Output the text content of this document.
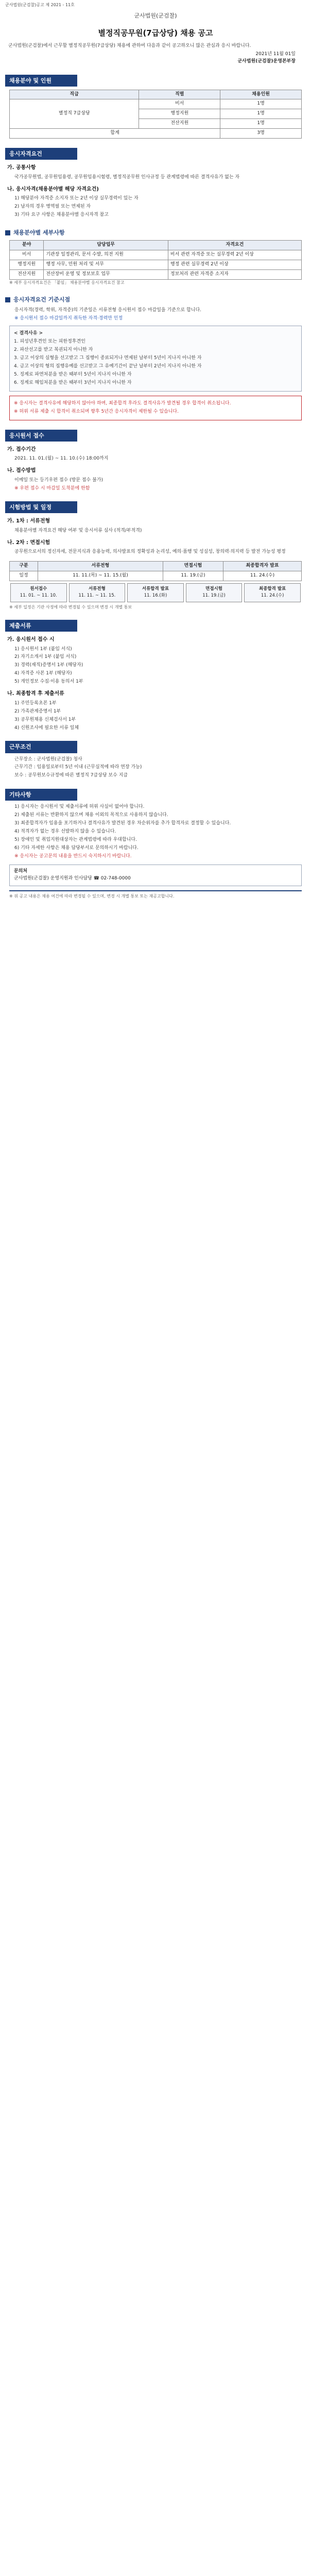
군사법원(군검찰)공고 제 2021 - 11호
군사법원(군검찰)
별정직공무원(7급상당) 채용 공고
군사법원(군검찰)에서 근무할 별정직공무원(7급상당) 채용에 관하여 다음과 같이 공고하오니 많은 관심과 응시 바랍니다.
2021년 11월 01일
군사법원(군검찰)운영본부장
채용분야 및 인원
직급	직렬	채용인원
별정직 7급상당	비서	1명
	행정지원	1명
	전산지원	1명
합계		3명
응시자격요건
가. 공통사항
국가공무원법, 공무원임용령, 공무원임용시험령, 별정직공무원 인사규정 등 관계법령에 따른 결격사유가 없는 자
나. 응시자격(채용분야별 해당 자격요건)
1) 해당분야 자격증 소지자 또는 2년 이상 실무경력이 있는 자
2) 남자의 경우 병역필 또는 면제된 자
3) 기타 요구 사항은 채용분야별 응시자격 참고
채용분야별 세부사항
분야	담당업무	자격요건
비서	기관장 일정관리, 문서 수발, 의전 지원	비서 관련 자격증 또는 실무경력 2년 이상
행정지원	행정 사무, 민원 처리 및 서무	행정 관련 실무경력 2년 이상
전산지원	전산장비 운영 및 정보보호 업무	정보처리 관련 자격증 소지자
※ 세부 응시자격요건은 「붙임」 채용분야별 응시자격요건 참고
응시자격요건 기준시점
응시자격(경력, 학위, 자격증)의 기준일은 서류전형 응시원서 접수 마감일을 기준으로 합니다.
※ 응시원서 접수 마감일까지 취득한 자격·경력만 인정
< 결격사유 >
1. 피성년후견인 또는 피한정후견인
2. 파산선고를 받고 복권되지 아니한 자
3. 금고 이상의 실형을 선고받고 그 집행이 종료되거나 면제된 날부터 5년이 지나지 아니한 자
4. 금고 이상의 형의 집행유예를 선고받고 그 유예기간이 끝난 날부터 2년이 지나지 아니한 자
5. 징계로 파면처분을 받은 때부터 5년이 지나지 아니한 자
6. 징계로 해임처분을 받은 때부터 3년이 지나지 아니한 자
※ 응시자는 결격사유에 해당하지 않아야 하며, 최종합격 후라도 결격사유가 발견될 경우 합격이 취소됩니다.
※ 허위 서류 제출 시 합격이 취소되며 향후 5년간 응시자격이 제한될 수 있습니다.
응시원서 접수
가. 접수기간
2021. 11. 01.(월) ~ 11. 10.(수) 18:00까지
나. 접수방법
이메일 또는 등기우편 접수 (방문 접수 불가)
※ 우편 접수 시 마감일 도착분에 한함
시험방법 및 일정
가. 1차 : 서류전형
채용분야별 자격요건 해당 여부 및 응시서류 심사 (적격/부적격)
나. 2차 : 면접시험
공무원으로서의 정신자세, 전문지식과 응용능력, 의사발표의 정확성과 논리성, 예의·품행 및 성실성, 창의력·의지력 등 발전 가능성 평정
구분	서류전형	면접시험	최종합격자 발표
일정	11. 11.(목) ~ 11. 15.(월)	11. 19.(금)	11. 24.(수)
원서접수
11. 01. ~ 11. 10.
서류전형
11. 11. ~ 11. 15.
서류합격 발표
11. 16.(화)
면접시험
11. 19.(금)
최종합격 발표
11. 24.(수)
※ 세부 일정은 기관 사정에 따라 변경될 수 있으며 변경 시 개별 통보
제출서류
가. 응시원서 접수 시
1) 응시원서 1부 (붙임 서식)
2) 자기소개서 1부 (붙임 서식)
3) 경력(재직)증명서 1부 (해당자)
4) 자격증 사본 1부 (해당자)
5) 개인정보 수집·이용 동의서 1부
나. 최종합격 후 제출서류
1) 주민등록초본 1부
2) 가족관계증명서 1부
3) 공무원채용 신체검사서 1부
4) 신원조사에 필요한 서류 일체
근무조건
근무장소 : 군사법원(군검찰) 청사
근무기간 : 임용일로부터 5년 이내 (근무실적에 따라 연장 가능)
보수 : 공무원보수규정에 따른 별정직 7급상당 보수 지급
기타사항
1) 응시자는 응시원서 및 제출서류에 허위 사실이 없어야 합니다.
2) 제출된 서류는 반환하지 않으며 채용 이외의 목적으로 사용하지 않습니다.
3) 최종합격자가 임용을 포기하거나 결격사유가 발견된 경우 차순위자를 추가 합격자로 결정할 수 있습니다.
4) 적격자가 없는 경우 선발하지 않을 수 있습니다.
5) 장애인 및 취업지원대상자는 관계법령에 따라 우대합니다.
6) 기타 자세한 사항은 채용 담당부서로 문의하시기 바랍니다.
※ 응시자는 공고문의 내용을 반드시 숙지하시기 바랍니다.
문의처
군사법원(군검찰) 운영지원과 인사담당 ☎ 02-748-0000
※ 위 공고 내용은 채용 여건에 따라 변경될 수 있으며, 변경 시 개별 통보 또는 재공고합니다.
